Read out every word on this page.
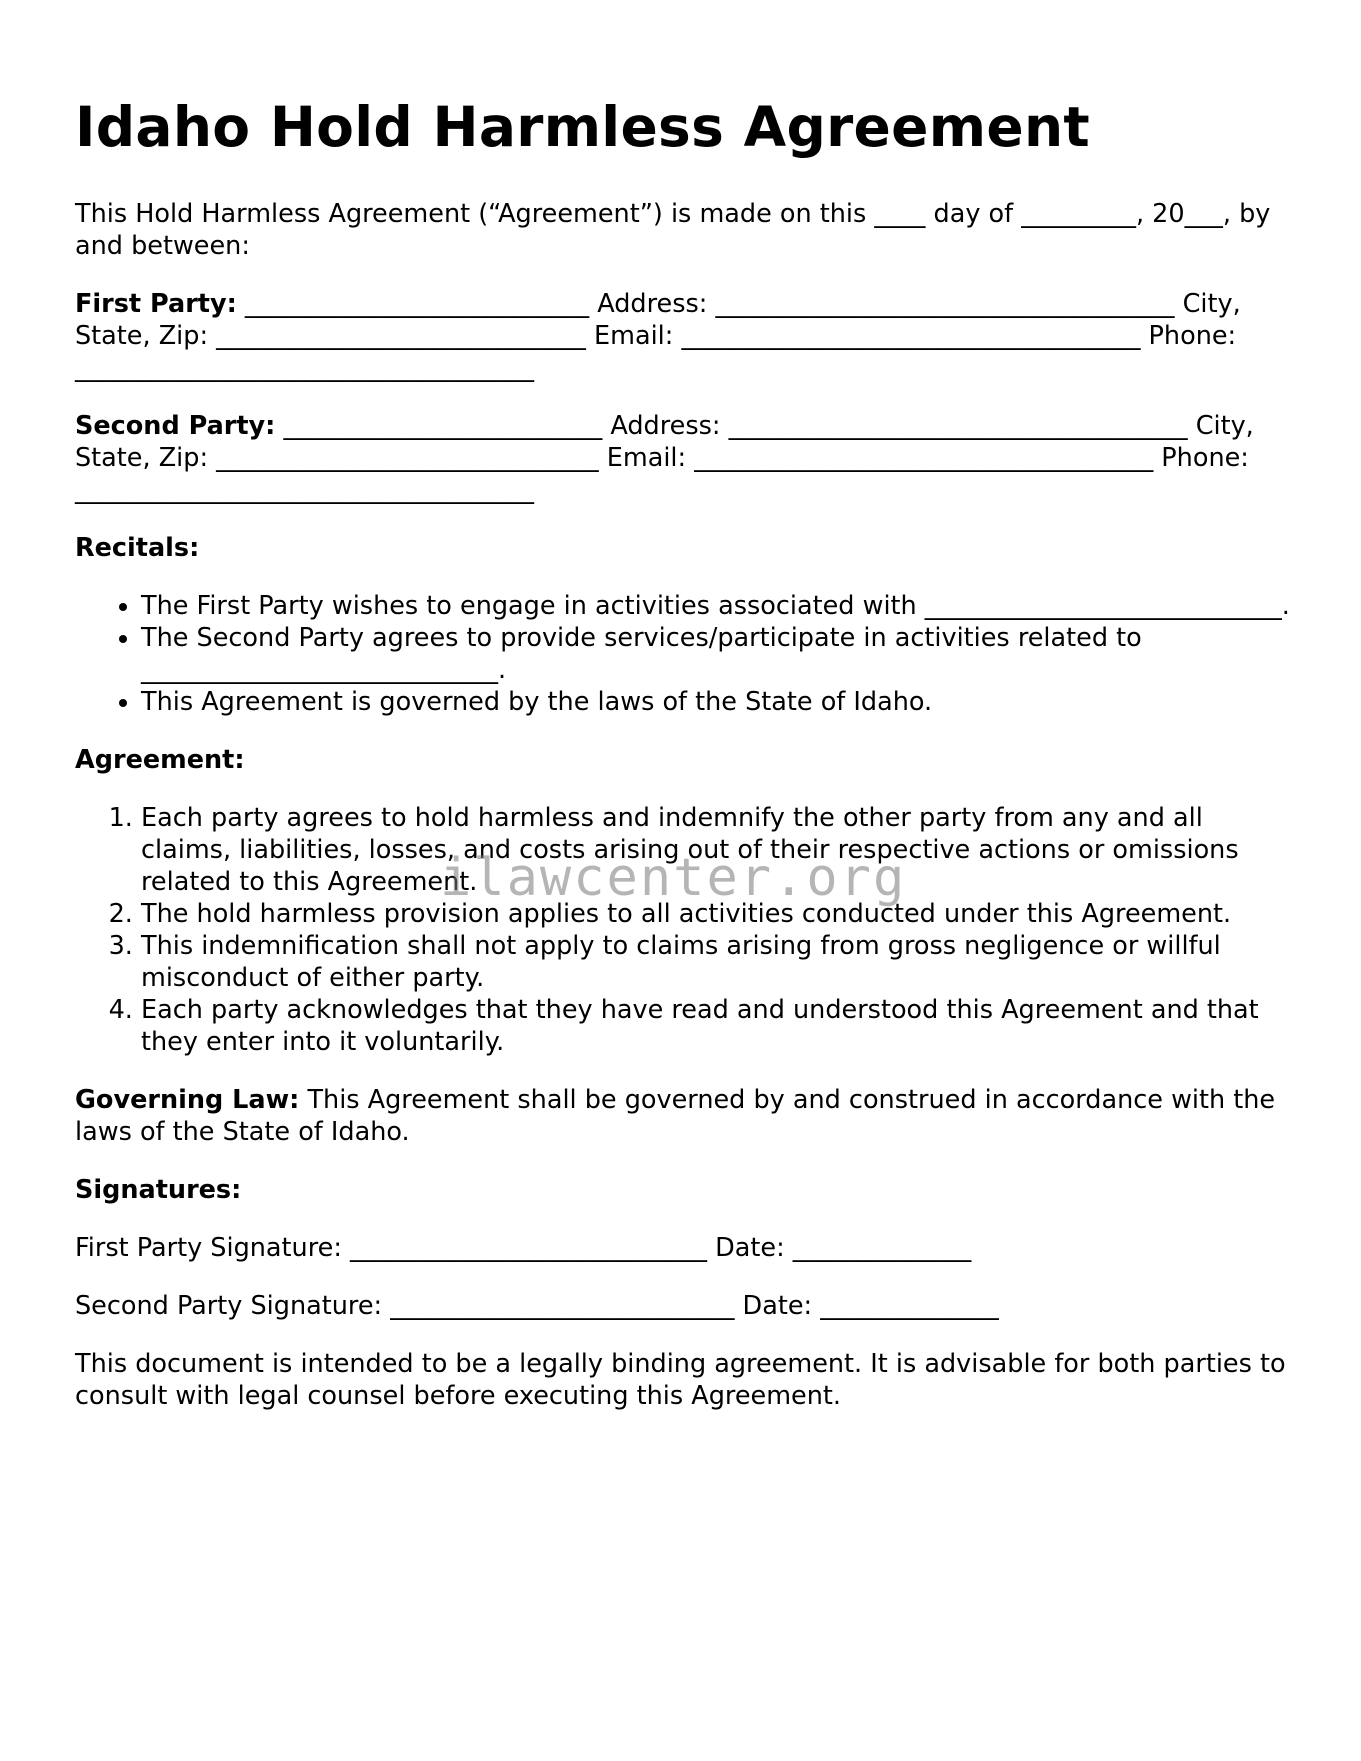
Idaho Hold Harmless Agreement

This Hold Harmless Agreement (“Agreement”) is made on this ____ day of _________, 20___, by and between:

First Party: ___________________________ Address: ____________________________________ City, State, Zip: _____________________________ Email: ____________________________________ Phone: ____________________________________

Second Party: _________________________ Address: ____________________________________ City, State, Zip: ______________________________ Email: ____________________________________ Phone: ____________________________________

Recitals:

• The First Party wishes to engage in activities associated with ____________________________.
• The Second Party agrees to provide services/participate in activities related to ____________________________.
• This Agreement is governed by the laws of the State of Idaho.

Agreement:

1. Each party agrees to hold harmless and indemnify the other party from any and all claims, liabilities, losses, and costs arising out of their respective actions or omissions related to this Agreement.
2. The hold harmless provision applies to all activities conducted under this Agreement.
3. This indemnification shall not apply to claims arising from gross negligence or willful misconduct of either party.
4. Each party acknowledges that they have read and understood this Agreement and that they enter into it voluntarily.

Governing Law: This Agreement shall be governed by and construed in accordance with the laws of the State of Idaho.

Signatures:

First Party Signature: ____________________________ Date: ______________

Second Party Signature: ___________________________ Date: ______________

This document is intended to be a legally binding agreement. It is advisable for both parties to consult with legal counsel before executing this Agreement.

ilawcenter.org
